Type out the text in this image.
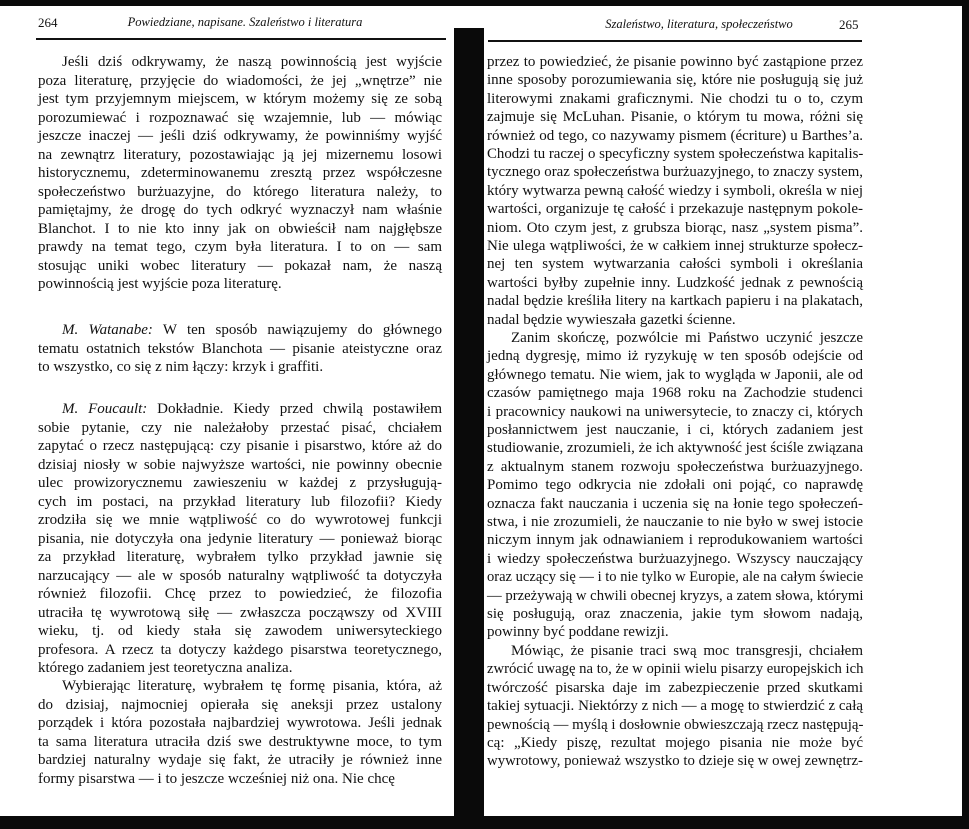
264	Powiedziane, napisane. Szaleństwo i literatura
Jeśli dziś odkrywamy, że naszą powinnością jest wyjście
poza literaturę, przyjęcie do wiadomości, że jej „wnętrze” nie
jest tym przyjemnym miejscem, w którym możemy się ze sobą
porozumiewać i rozpoznawać się wzajemnie, lub — mówiąc
jeszcze inaczej — jeśli dziś odkrywamy, że powinniśmy wyjść
na zewnątrz literatury, pozostawiając ją jej mizernemu losowi
historycznemu, zdeterminowanemu zresztą przez współczesne
społeczeństwo burżuazyjne, do którego literatura należy, to
pamiętajmy, że drogę do tych odkryć wyznaczył nam właśnie
Blanchot. I to nie kto inny jak on obwieścił nam najgłębsze
prawdy na temat tego, czym była literatura. I to on — sam
stosując uniki wobec literatury — pokazał nam, że naszą
powinnością jest wyjście poza literaturę.
M. Watanabe: W ten sposób nawiązujemy do głównego
tematu ostatnich tekstów Blanchota — pisanie ateistyczne oraz
to wszystko, co się z nim łączy: krzyk i graffiti.
M. Foucault: Dokładnie. Kiedy przed chwilą postawiłem
sobie pytanie, czy nie należałoby przestać pisać, chciałem
zapytać o rzecz następującą: czy pisanie i pisarstwo, które aż do
dzisiaj niosły w sobie najwyższe wartości, nie powinny obecnie
ulec prowizorycznemu zawieszeniu w każdej z przysługują-
cych im postaci, na przykład literatury lub filozofii? Kiedy
zrodziła się we mnie wątpliwość co do wywrotowej funkcji
pisania, nie dotyczyła ona jedynie literatury — ponieważ biorąc
za przykład literaturę, wybrałem tylko przykład jawnie się
narzucający — ale w sposób naturalny wątpliwość ta dotyczyła
również filozofii. Chcę przez to powiedzieć, że filozofia
utraciła tę wywrotową siłę — zwłaszcza począwszy od XVIII
wieku, tj. od kiedy stała się zawodem uniwersyteckiego
profesora. A rzecz ta dotyczy każdego pisarstwa teoretycznego,
którego zadaniem jest teoretyczna analiza.
Wybierając literaturę, wybrałem tę formę pisania, która, aż
do dzisiaj, najmocniej opierała się aneksji przez ustalony
porządek i która pozostała najbardziej wywrotowa. Jeśli jednak
ta sama literatura utraciła dziś swe destruktywne moce, to tym
bardziej naturalny wydaje się fakt, że utraciły je również inne
formy pisarstwa — i to jeszcze wcześniej niż ona. Nie chcę
Szaleństwo, literatura, społeczeństwo	265
przez to powiedzieć, że pisanie powinno być zastąpione przez
inne sposoby porozumiewania się, które nie posługują się już
literowymi znakami graficznymi. Nie chodzi tu o to, czym
zajmuje się McLuhan. Pisanie, o którym tu mowa, różni się
również od tego, co nazywamy pismem (écriture) u Barthes’a.
Chodzi tu raczej o specyficzny system społeczeństwa kapitalis-
tycznego oraz społeczeństwa burżuazyjnego, to znaczy system,
który wytwarza pewną całość wiedzy i symboli, określa w niej
wartości, organizuje tę całość i przekazuje następnym pokole-
niom. Oto czym jest, z grubsza biorąc, nasz „system pisma”.
Nie ulega wątpliwości, że w całkiem innej strukturze społecz-
nej ten system wytwarzania całości symboli i określania
wartości byłby zupełnie inny. Ludzkość jednak z pewnością
nadal będzie kreśliła litery na kartkach papieru i na plakatach,
nadal będzie wywieszała gazetki ścienne.
Zanim skończę, pozwólcie mi Państwo uczynić jeszcze
jedną dygresję, mimo iż ryzykuję w ten sposób odejście od
głównego tematu. Nie wiem, jak to wygląda w Japonii, ale od
czasów pamiętnego maja 1968 roku na Zachodzie studenci
i pracownicy naukowi na uniwersytecie, to znaczy ci, których
posłannictwem jest nauczanie, i ci, których zadaniem jest
studiowanie, zrozumieli, że ich aktywność jest ściśle związana
z aktualnym stanem rozwoju społeczeństwa burżuazyjnego.
Pomimo tego odkrycia nie zdołali oni pojąć, co naprawdę
oznacza fakt nauczania i uczenia się na łonie tego społeczeń-
stwa, i nie zrozumieli, że nauczanie to nie było w swej istocie
niczym innym jak odnawianiem i reprodukowaniem wartości
i wiedzy społeczeństwa burżuazyjnego. Wszyscy nauczający
oraz uczący się — i to nie tylko w Europie, ale na całym świecie
— przeżywają w chwili obecnej kryzys, a zatem słowa, którymi
się posługują, oraz znaczenia, jakie tym słowom nadają,
powinny być poddane rewizji.
Mówiąc, że pisanie traci swą moc transgresji, chciałem
zwrócić uwagę na to, że w opinii wielu pisarzy europejskich ich
twórczość pisarska daje im zabezpieczenie przed skutkami
takiej sytuacji. Niektórzy z nich — a mogę to stwierdzić z całą
pewnością — myślą i dosłownie obwieszczają rzecz następują-
cą: „Kiedy piszę, rezultat mojego pisania nie może być
wywrotowy, ponieważ wszystko to dzieje się w owej zewnętrz-
